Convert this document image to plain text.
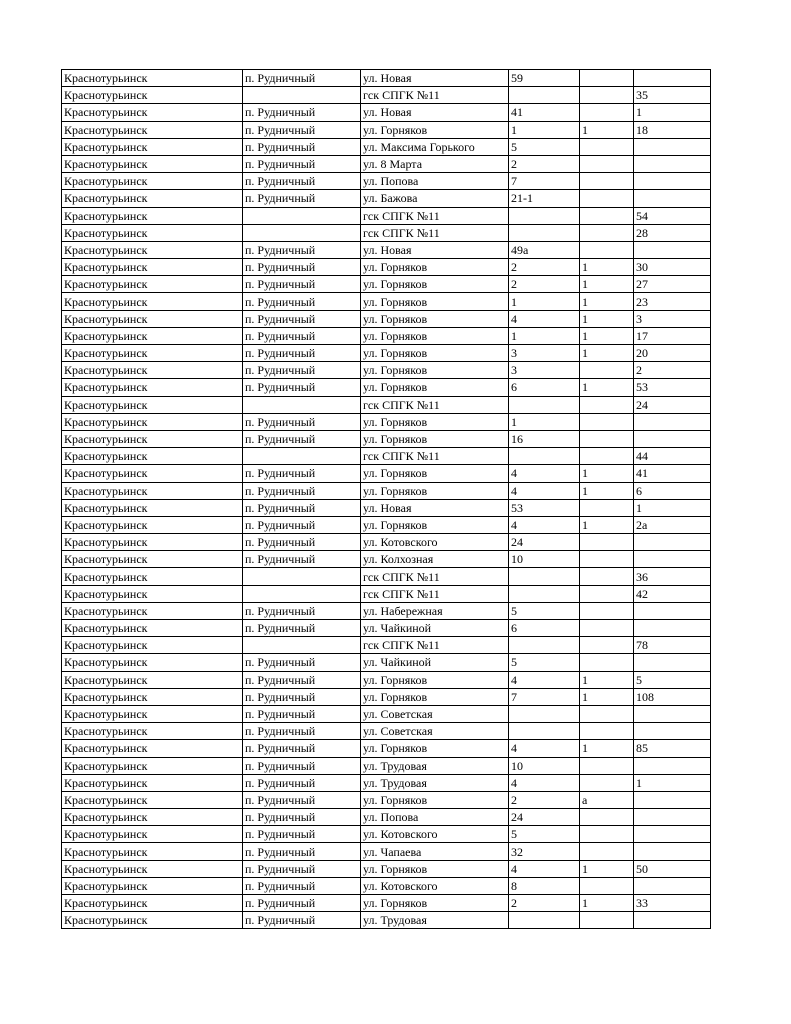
Краснотурьинск	п. Рудничный	ул. Новая	59		
Краснотурьинск		гск СПГК №11			35
Краснотурьинск	п. Рудничный	ул. Новая	41		1
Краснотурьинск	п. Рудничный	ул. Горняков	1	1	18
Краснотурьинск	п. Рудничный	ул. Максима Горького	5		
Краснотурьинск	п. Рудничный	ул. 8 Марта	2		
Краснотурьинск	п. Рудничный	ул. Попова	7		
Краснотурьинск	п. Рудничный	ул. Бажова	21-1		
Краснотурьинск		гск СПГК №11			54
Краснотурьинск		гск СПГК №11			28
Краснотурьинск	п. Рудничный	ул. Новая	49а		
Краснотурьинск	п. Рудничный	ул. Горняков	2	1	30
Краснотурьинск	п. Рудничный	ул. Горняков	2	1	27
Краснотурьинск	п. Рудничный	ул. Горняков	1	1	23
Краснотурьинск	п. Рудничный	ул. Горняков	4	1	3
Краснотурьинск	п. Рудничный	ул. Горняков	1	1	17
Краснотурьинск	п. Рудничный	ул. Горняков	3	1	20
Краснотурьинск	п. Рудничный	ул. Горняков	3		2
Краснотурьинск	п. Рудничный	ул. Горняков	6	1	53
Краснотурьинск		гск СПГК №11			24
Краснотурьинск	п. Рудничный	ул. Горняков	1		
Краснотурьинск	п. Рудничный	ул. Горняков	16		
Краснотурьинск		гск СПГК №11			44
Краснотурьинск	п. Рудничный	ул. Горняков	4	1	41
Краснотурьинск	п. Рудничный	ул. Горняков	4	1	6
Краснотурьинск	п. Рудничный	ул. Новая	53		1
Краснотурьинск	п. Рудничный	ул. Горняков	4	1	2а
Краснотурьинск	п. Рудничный	ул. Котовского	24		
Краснотурьинск	п. Рудничный	ул. Колхозная	10		
Краснотурьинск		гск СПГК №11			36
Краснотурьинск		гск СПГК №11			42
Краснотурьинск	п. Рудничный	ул. Набережная	5		
Краснотурьинск	п. Рудничный	ул. Чайкиной	6		
Краснотурьинск		гск СПГК №11			78
Краснотурьинск	п. Рудничный	ул. Чайкиной	5		
Краснотурьинск	п. Рудничный	ул. Горняков	4	1	5
Краснотурьинск	п. Рудничный	ул. Горняков	7	1	108
Краснотурьинск	п. Рудничный	ул. Советская			
Краснотурьинск	п. Рудничный	ул. Советская			
Краснотурьинск	п. Рудничный	ул. Горняков	4	1	85
Краснотурьинск	п. Рудничный	ул. Трудовая	10		
Краснотурьинск	п. Рудничный	ул. Трудовая	4		1
Краснотурьинск	п. Рудничный	ул. Горняков	2	а	
Краснотурьинск	п. Рудничный	ул. Попова	24		
Краснотурьинск	п. Рудничный	ул. Котовского	5		
Краснотурьинск	п. Рудничный	ул. Чапаева	32		
Краснотурьинск	п. Рудничный	ул. Горняков	4	1	50
Краснотурьинск	п. Рудничный	ул. Котовского	8		
Краснотурьинск	п. Рудничный	ул. Горняков	2	1	33
Краснотурьинск	п. Рудничный	ул. Трудовая			
